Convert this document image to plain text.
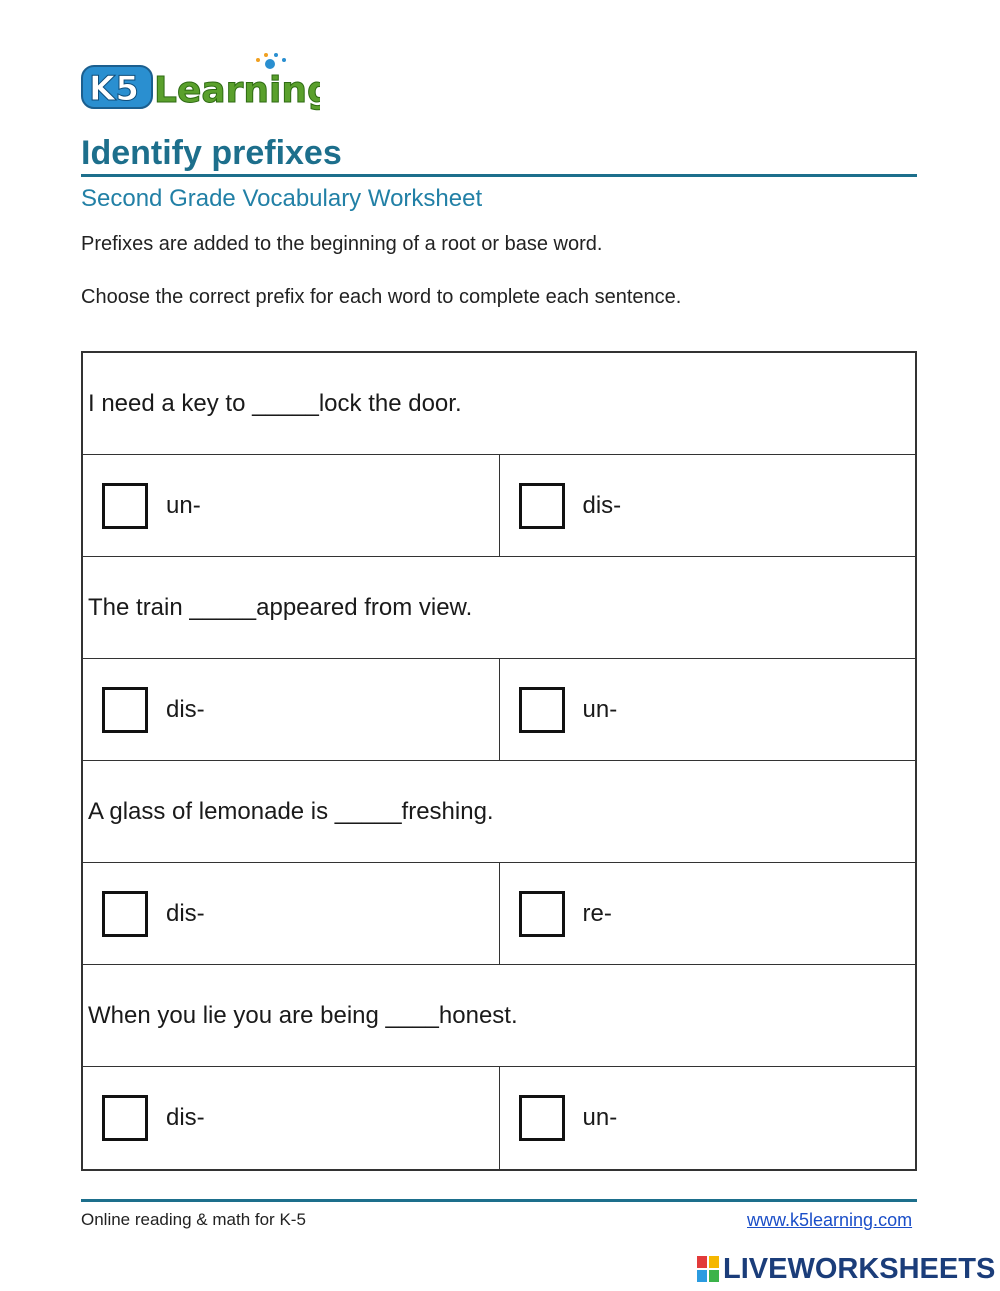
K5 Learning
Identify prefixes
Second Grade Vocabulary Worksheet
Prefixes are added to the beginning of a root or base word.
Choose the correct prefix for each word to complete each sentence.
I need a key to _____lock the door.
un-	dis-
The train _____appeared from view.
dis-	un-
A glass of lemonade is _____freshing.
dis-	re-
When you lie you are being ____honest.
dis-	un-
Online reading & math for K-5	www.k5learning.com
LIVEWORKSHEETS
